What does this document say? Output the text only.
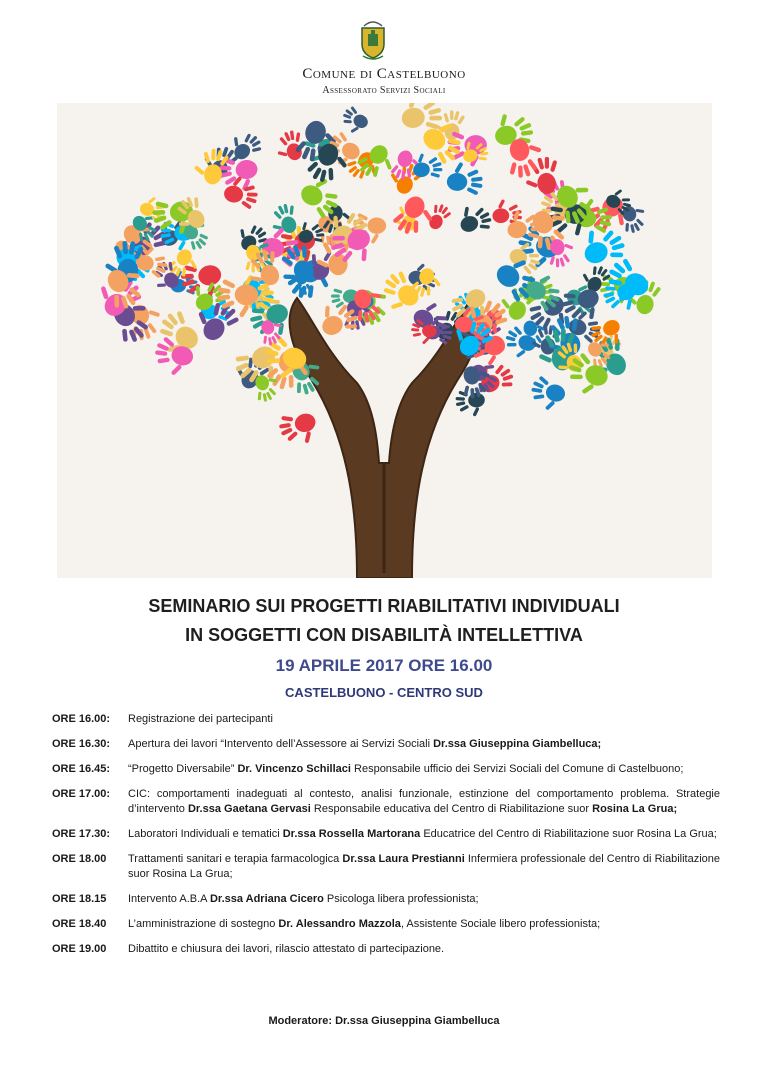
Comune di Castelbuono
Assessorato Servizi Sociali
SEMINARIO SUI PROGETTI RIABILITATIVI INDIVIDUALI
IN SOGGETTI CON DISABILITÀ INTELLETTIVA
19 APRILE 2017 ORE 16.00
CASTELBUONO - CENTRO SUD
ORE 16.00:	Registrazione dei partecipanti
ORE 16.30:	Apertura dei lavori “Intervento dell’Assessore ai Servizi Sociali Dr.ssa Giuseppina Giambelluca;
ORE 16.45:	“Progetto Diversabile” Dr. Vincenzo Schillaci Responsabile ufficio dei Servizi Sociali del Comune di Castelbuono;
ORE 17.00:	CIC: comportamenti inadeguati al contesto, analisi funzionale, estinzione del comportamento problema. Strategie d’intervento Dr.ssa Gaetana Gervasi Responsabile educativa del Centro di Riabilitazione suor Rosina La Grua;
ORE 17.30:	Laboratori Individuali e tematici Dr.ssa Rossella Martorana Educatrice del Centro di Riabilitazione suor Rosina La Grua;
ORE 18.00	Trattamenti sanitari e terapia farmacologica Dr.ssa Laura Prestianni Infermiera professionale del Centro di Riabilitazione suor Rosina La Grua;
ORE 18.15	Intervento A.B.A Dr.ssa Adriana Cicero Psicologa libera professionista;
ORE 18.40	L’amministrazione di sostegno Dr. Alessandro Mazzola, Assistente Sociale libero professionista;
ORE 19.00	Dibattito e chiusura dei lavori, rilascio attestato di partecipazione.
Moderatore: Dr.ssa Giuseppina Giambelluca
